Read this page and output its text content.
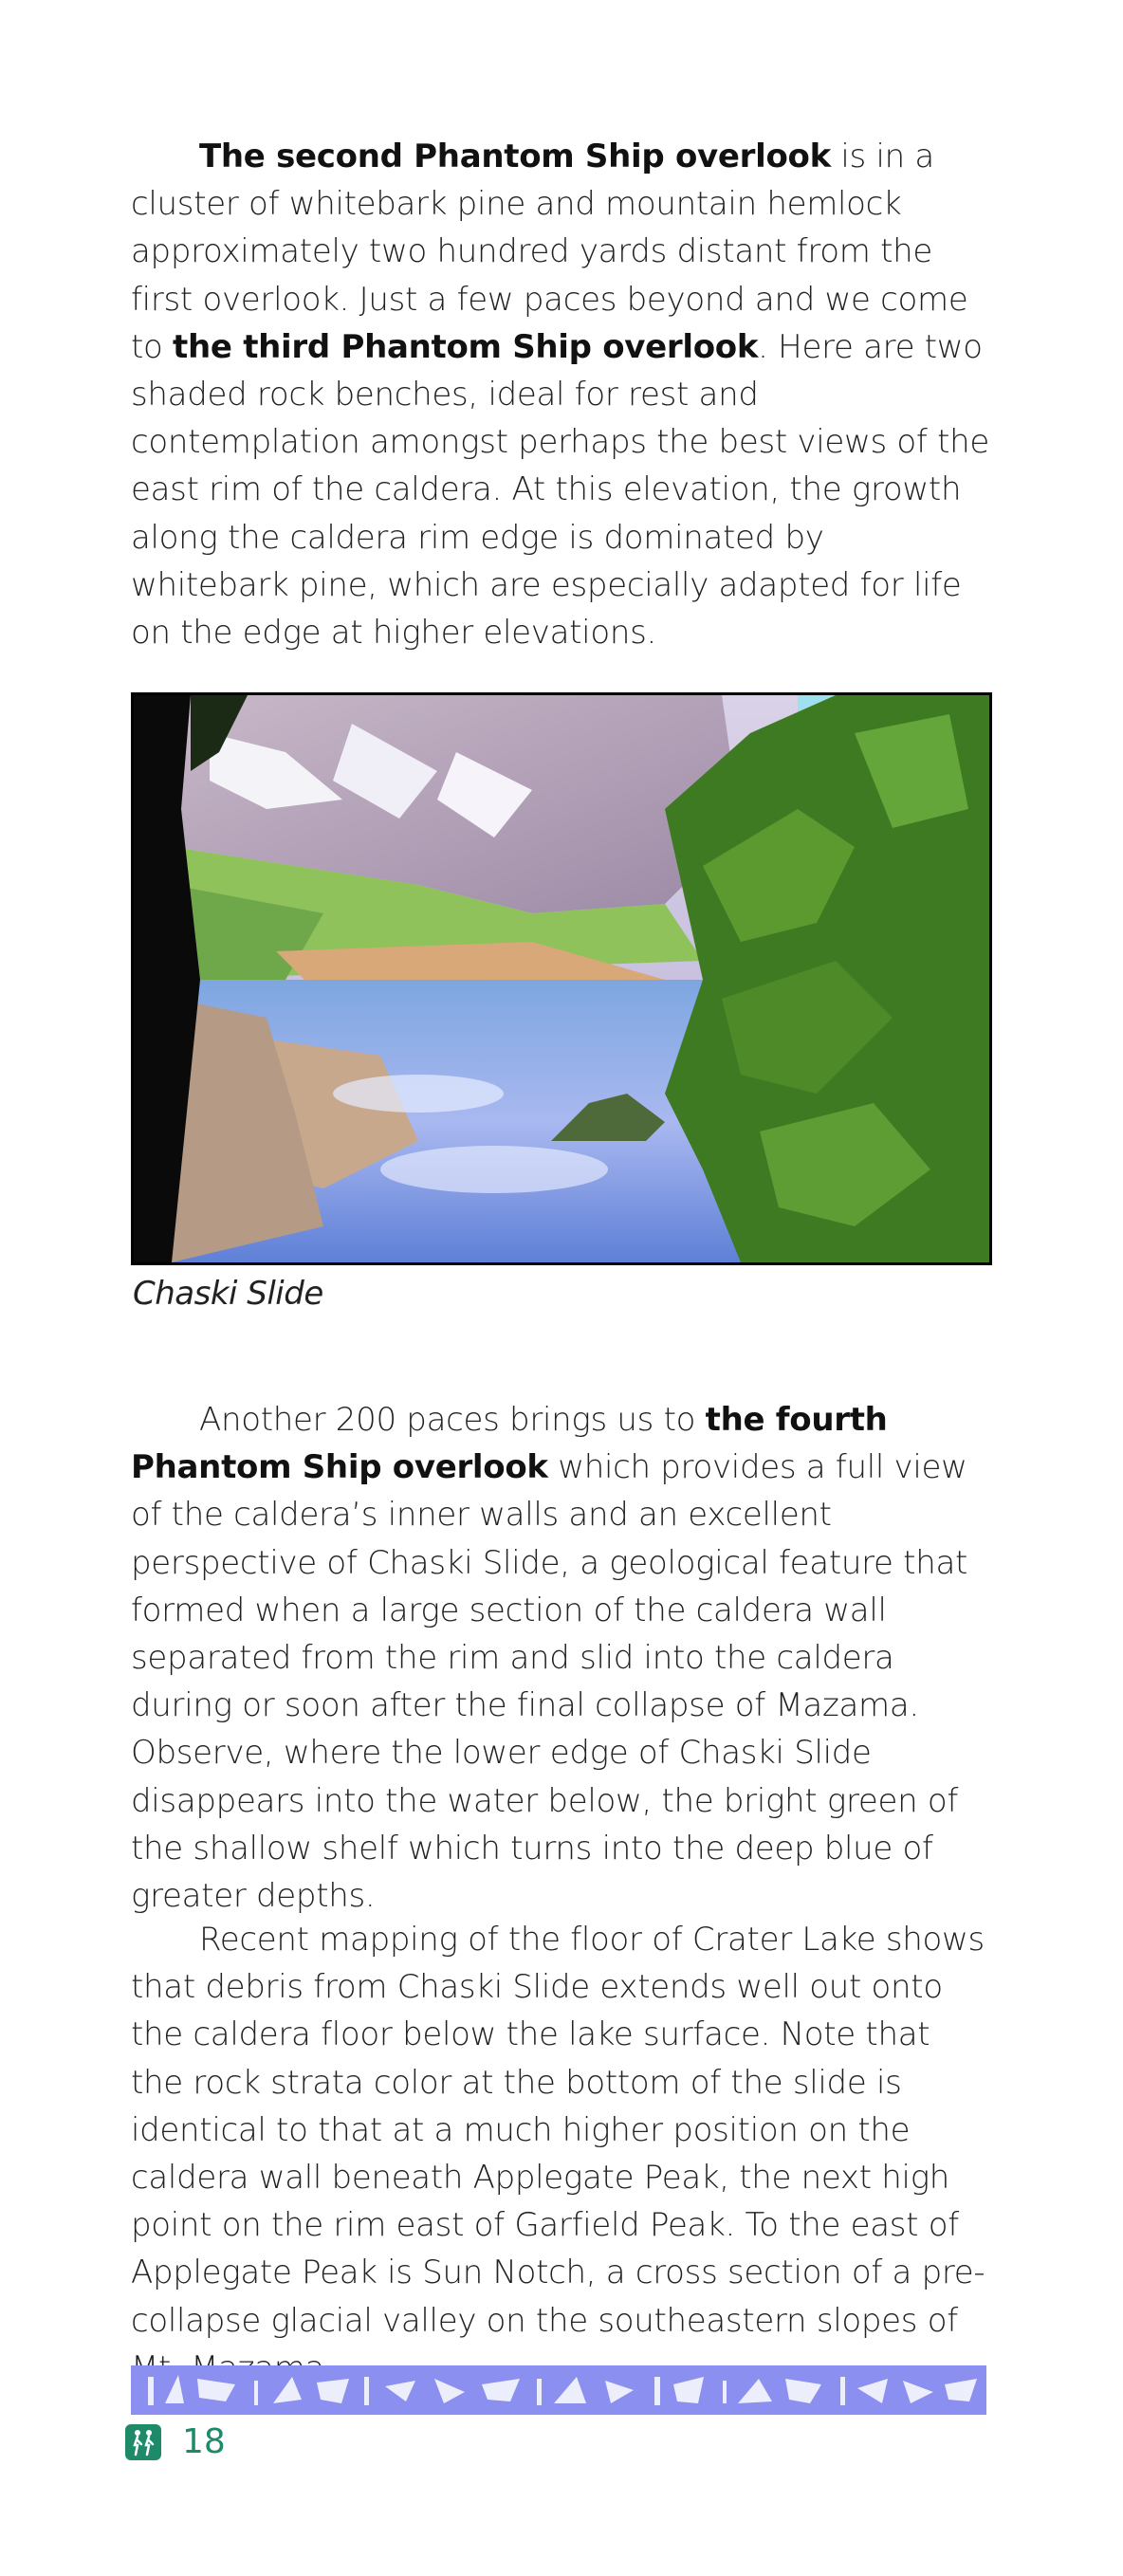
The second Phantom Ship overlook is in a cluster of whitebark pine and mountain hemlock approximately two hundred yards distant from the first overlook. Just a few paces beyond and we come to the third Phantom Ship overlook. Here are two shaded rock benches, ideal for rest and contemplation amongst perhaps the best views of the east rim of the caldera. At this elevation, the growth along the caldera rim edge is dominated by whitebark pine, which are especially adapted for life on the edge at higher elevations.

Chaski Slide

Another 200 paces brings us to the fourth Phantom Ship overlook which provides a full view of the caldera’s inner walls and an excellent perspective of Chaski Slide, a geological feature that formed when a large section of the caldera wall separated from the rim and slid into the caldera during or soon after the final collapse of Mazama. Observe, where the lower edge of Chaski Slide disappears into the water below, the bright green of the shallow shelf which turns into the deep blue of greater depths.

Recent mapping of the floor of Crater Lake shows that debris from Chaski Slide extends well out onto the caldera floor below the lake surface. Note that the rock strata color at the bottom of the slide is identical to that at a much higher position on the caldera wall beneath Applegate Peak, the next high point on the rim east of Garfield Peak. To the east of Applegate Peak is Sun Notch, a cross section of a pre-collapse glacial valley on the southeastern slopes of

18
